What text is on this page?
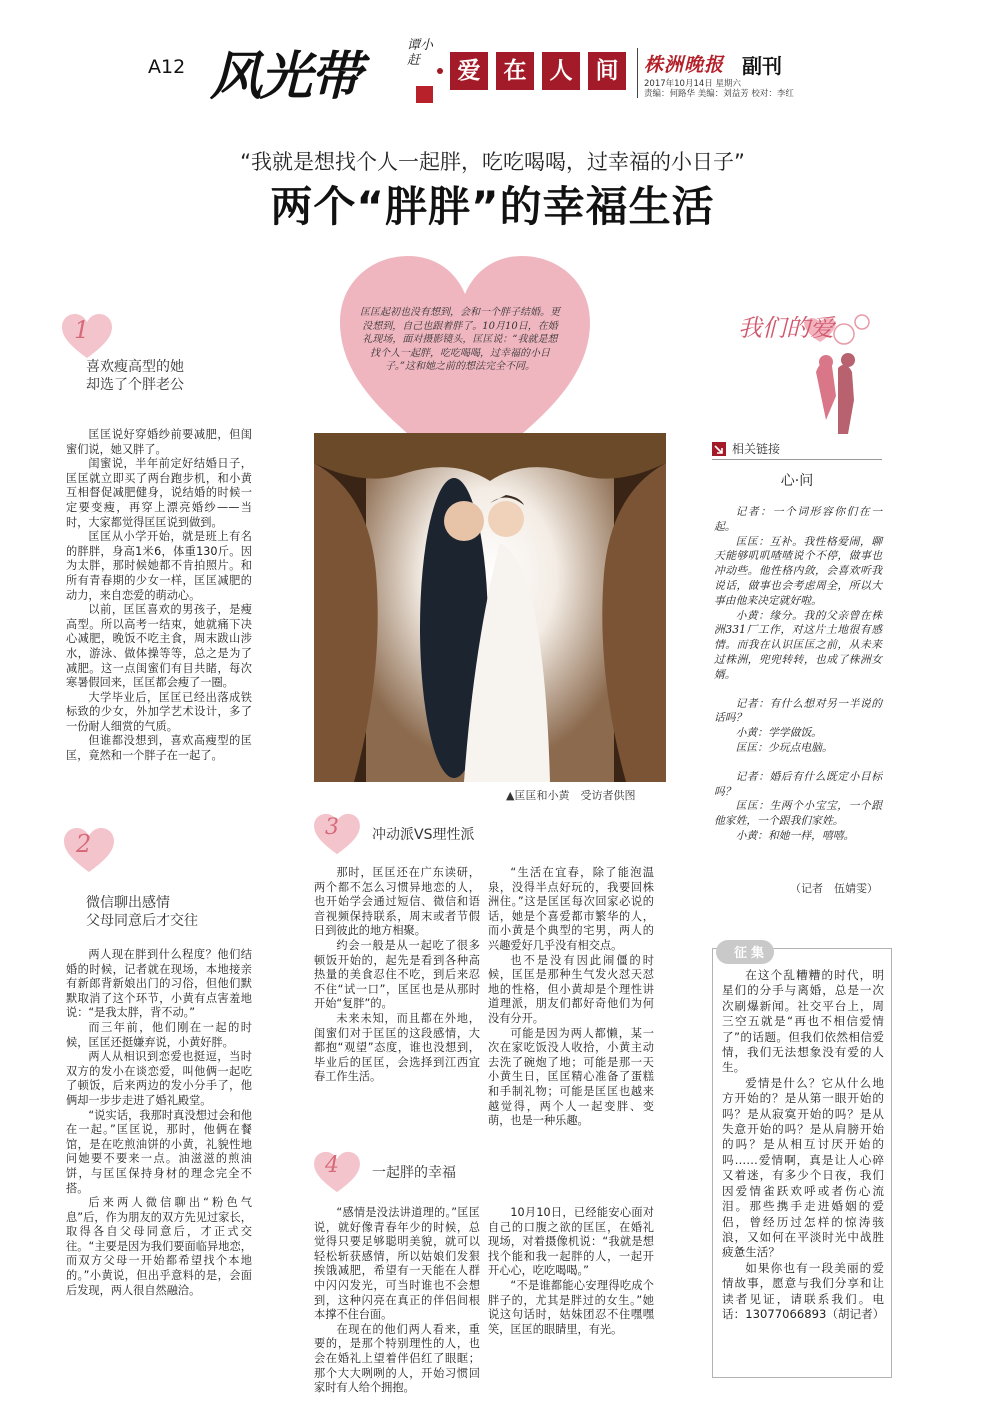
A12 风光带
谭小赶	爱	在	人	间	株洲晚报 副刊
2017年10月14日 星期六
责编：何路华 美编：刘益芳 校对：李红
“我就是想找个人一起胖，吃吃喝喝，过幸福的小日子”
两个“胖胖”的幸福生活
匡匡起初也没有想到，会和一个胖子结婚。更没想到，自己也跟着胖了。10月10日，在婚礼现场，面对摄影镜头，匡匡说：“我就是想找个人一起胖，吃吃喝喝，过幸福的小日子。”这和她之前的想法完全不同。
▲匡匡和小黄　受访者供图
1
喜欢瘦高型的她
却选了个胖老公

匡匡说好穿婚纱前要减肥，但闺蜜们说，她又胖了。

闺蜜说，半年前定好结婚日子，匡匡就立即买了两台跑步机，和小黄互相督促减肥健身，说结婚的时候一定要变瘦，再穿上漂亮婚纱——当时，大家都觉得匡匡说到做到。

匡匡从小学开始，就是班上有名的胖胖，身高1米6，体重130斤。因为太胖，那时候她都不肯拍照片。和所有青春期的少女一样，匡匡减肥的动力，来自恋爱的萌动心。

以前，匡匡喜欢的男孩子，是瘦高型。所以高考一结束，她就痛下决心减肥，晚饭不吃主食，周末跋山涉水，游泳、做体操等等，总之是为了减肥。这一点闺蜜们有目共睹，每次寒暑假回来，匡匡都会瘦了一圈。

大学毕业后，匡匡已经出落成铁标致的少女，外加学艺术设计，多了一份耐人细赏的气质。

但谁都没想到，喜欢高瘦型的匡匡，竟然和一个胖子在一起了。

2
微信聊出感情
父母同意后才交往

两人现在胖到什么程度？他们结婚的时候，记者就在现场，本地接亲有新郎背新娘出门的习俗，但他们默默取消了这个环节，小黄有点害羞地说：“是我太胖，背不动。”

而三年前，他们刚在一起的时候，匡匡还挺嫌弃说，小黄好胖。

两人从相识到恋爱也挺逗，当时双方的发小在谈恋爱，叫他俩一起吃了顿饭，后来两边的发小分手了，他俩却一步步走进了婚礼殿堂。

“说实话，我那时真没想过会和他在一起。”匡匡说，那时，他俩在餐馆，是在吃煎油饼的小黄，礼貌性地问她要不要来一点。油滋滋的煎油饼，与匡匡保持身材的理念完全不搭。

后来两人微信聊出“粉色气息”后，作为朋友的双方先见过家长，取得各自父母同意后，才正式交往。“主要是因为我们要面临异地恋，而双方父母一开始都希望找个本地的。”小黄说，但出乎意料的是，会面后发现，两人很自然融洽。

3 冲动派VS理性派

那时，匡匡还在广东读研，两个都不怎么习惯异地恋的人，也开始学会通过短信、微信和语音视频保持联系，周末或者节假日到彼此的地方相聚。

约会一般是从一起吃了很多顿饭开始的，起先是看到各种高热量的美食忍住不吃，到后来忍不住“试一口”，匡匡也是从那时开始“复胖”的。

未来未知，而且都在外地，闺蜜们对于匡匡的这段感情，大都抱“观望”态度，谁也没想到，毕业后的匡匡，会选择到江西宜春工作生活。

“生活在宜春，除了能泡温泉，没得半点好玩的，我要回株洲住。”这是匡匡每次回家必说的话，她是个喜爱都市繁华的人，而小黄是个典型的宅男，两人的兴趣爱好几乎没有相交点。

也不是没有因此闹僵的时候，匡匡是那种生气发火怼天怼地的性格，但小黄却是个理性讲道理派，朋友们都好奇他们为何没有分开。

可能是因为两人都懒，某一次在家吃饭没人收拾，小黄主动去洗了碗炮了地；可能是那一天小黄生日，匡匡精心准备了蛋糕和手制礼物；可能是匡匡也越来越觉得，两个人一起变胖、变萌，也是一种乐趣。

4 一起胖的幸福

“感情是没法讲道理的。”匡匡说，就好像青春年少的时候，总觉得只要足够聪明美貌，就可以轻松斩获感情，所以姑娘们发狠挨饿减肥，希望有一天能在人群中闪闪发光，可当时谁也不会想到，这种闪亮在真正的伴侣间根本撑不住台面。

在现在的他们两人看来，重要的，是那个特别理性的人，也会在婚礼上望着伴侣红了眼眶；那个大大咧咧的人，开始习惯回家时有人给个拥抱。

10月10日，已经能安心面对自己的口腹之欲的匡匡，在婚礼现场，对着摄像机说：“我就是想找个能和我一起胖的人，一起开开心心，吃吃喝喝。”

“不是谁都能心安理得吃成个胖子的，尤其是胖过的女生。”她说这句话时，姑妹团忍不住嘿嘿笑，匡匡的眼睛里，有光。

我们的爱
相关链接
心·问

记者：一个词形容你们在一起。

匡匡：互补。我性格爱闹，聊天能够叽叽喳喳说个不停，做事也冲动些。他性格内敛，会喜欢听我说话，做事也会考虑周全，所以大事由他来决定就好啦。

小黄：缘分。我的父亲曾在株洲331厂工作，对这片土地很有感情。而我在认识匡匡之前，从未来过株洲，兜兜转转，也成了株洲女婿。

记者：有什么想对另一半说的话吗？

小黄：学学做饭。

匡匡：少玩点电脑。

记者：婚后有什么既定小目标吗？

匡匡：生两个小宝宝，一个跟他家姓，一个跟我们家姓。

小黄：和她一样，嘻嘻。

（记者　伍婧雯）
征集

在这个乱糟糟的时代，明星们的分手与离婚，总是一次次刷爆新闻。社交平台上，周三空五就是“再也不相信爱情了”的话题。但我们依然相信爱情，我们无法想象没有爱的人生。

爱情是什么？它从什么地方开始的？是从第一眼开始的吗？是从寂寞开始的吗？是从失意开始的吗？是从肩膀开始的吗？是从相互讨厌开始的吗……爱情啊，真是让人心碎又着迷，有多少个日夜，我们因爱情雀跃欢呼或者伤心流泪。那些携手走进婚姻的爱侣，曾经历过怎样的惊涛骇浪，又如何在平淡时光中战胜疲惫生活？

如果你也有一段美丽的爱情故事，愿意与我们分享和让读者见证，请联系我们。电话：13077066893（胡记者）
